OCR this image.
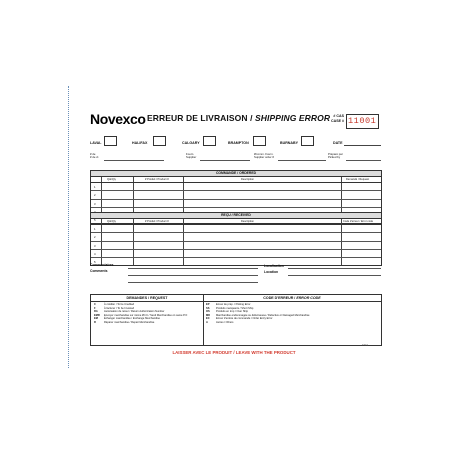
Novexco ERREUR DE LIVRAISON / SHIPPING ERROR # CAS
CASE # 11001
LAVAL	HALIFAX	CALGARY	BRAMPTON	BURNABY	DATE
# de
# de cl.
Fourn.
Supplier
#Comm. Fourn.
Supplier order #
Préparé par
Picked by
COMMANDE / ORDERED
Qté/Qty	# Produit / Product #	Description	Demandé / Request
1
2
3
4
5
REÇU / RECEIVED
Qté/Qty	# Produit / Product #	Description	Code d'erreur / Error code
1
2
3
4
5
Commentaires
Comments
Localisation
Location
DEMANDES / REQUEST
C	À créditer / To be Credited
F	À facturer / To be Invoiced
RA Autorisation de retour / Return Authorization Number
EMR Envoyer marchandise sur même #N.C / Send Merchandise on same P.O
EM Échanger marchandise / Exchange Merchandise
R	Réparer marchandise / Repair Merchandise
CODE D'ERREUR / ERROR CODE
EP	Erreur de prép. / Picking Error
SS	Produits manquants / Short Ship
OS Produits en trop / Over Ship
MD Marchandise endommagée ou défectueuse / Defective or Damaged Merchandise
EC Erreur d'entrée de commande / Order Entry Error
A	Autres / Others
4T1/1
LAISSER AVEC LE PRODUIT / LEAVE WITH THE PRODUCT
